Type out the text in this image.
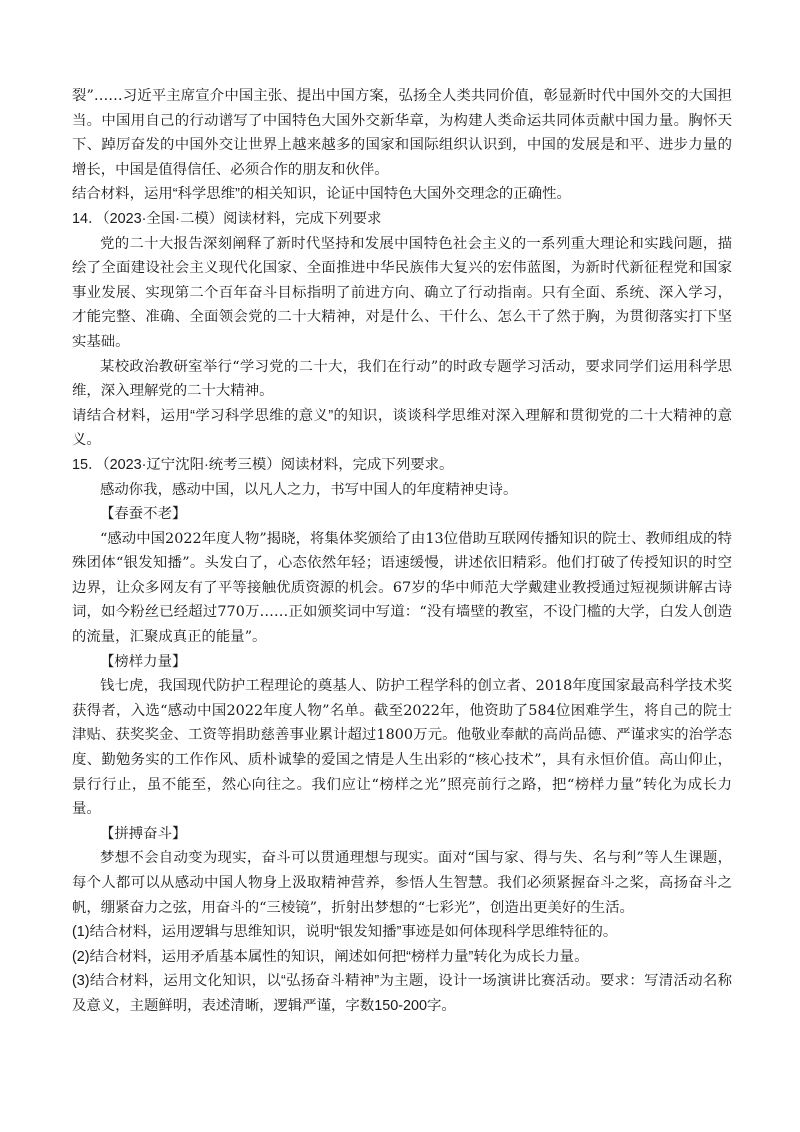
裂”……习近平主席宣介中国主张、提出中国方案，弘扬全人类共同价值，彰显新时代中国外交的大国担当。中国用自己的行动谱写了中国特色大国外交新华章，为构建人类命运共同体贡献中国力量。胸怀天下、踔厉奋发的中国外交让世界上越来越多的国家和国际组织认识到，中国的发展是和平、进步力量的增长，中国是值得信任、必须合作的朋友和伙伴。

结合材料，运用“科学思维”的相关知识，论证中国特色大国外交理念的正确性。

14．（2023·全国·二模）阅读材料，完成下列要求

党的二十大报告深刻阐释了新时代坚持和发展中国特色社会主义的一系列重大理论和实践问题，描绘了全面建设社会主义现代化国家、全面推进中华民族伟大复兴的宏伟蓝图，为新时代新征程党和国家事业发展、实现第二个百年奋斗目标指明了前进方向、确立了行动指南。只有全面、系统、深入学习，才能完整、准确、全面领会党的二十大精神，对是什么、干什么、怎么干了然于胸，为贯彻落实打下坚实基础。

某校政治教研室举行“学习党的二十大，我们在行动”的时政专题学习活动，要求同学们运用科学思维，深入理解党的二十大精神。

请结合材料，运用“学习科学思维的意义”的知识，谈谈科学思维对深入理解和贯彻党的二十大精神的意义。

15．（2023·辽宁沈阳·统考三模）阅读材料，完成下列要求。

感动你我，感动中国，以凡人之力，书写中国人的年度精神史诗。

【春蚕不老】

“感动中国2022年度人物”揭晓，将集体奖颁给了由13位借助互联网传播知识的院士、教师组成的特殊团体“银发知播”。头发白了，心态依然年轻；语速缓慢，讲述依旧精彩。他们打破了传授知识的时空边界，让众多网友有了平等接触优质资源的机会。67岁的华中师范大学戴建业教授通过短视频讲解古诗词，如今粉丝已经超过770万……正如颁奖词中写道：“没有墙壁的教室，不设门槛的大学，白发人创造的流量，汇聚成真正的能量”。

【榜样力量】

钱七虎，我国现代防护工程理论的奠基人、防护工程学科的创立者、2018年度国家最高科学技术奖获得者，入选“感动中国2022年度人物”名单。截至2022年，他资助了584位困难学生，将自己的院士津贴、获奖奖金、工资等捐助慈善事业累计超过1800万元。他敬业奉献的高尚品德、严谨求实的治学态度、勤勉务实的工作作风、质朴诚挚的爱国之情是人生出彩的“核心技术”，具有永恒价值。高山仰止，景行行止，虽不能至，然心向往之。我们应让“榜样之光”照亮前行之路，把“榜样力量”转化为成长力量。

【拼搏奋斗】

梦想不会自动变为现实，奋斗可以贯通理想与现实。面对“国与家、得与失、名与利”等人生课题，每个人都可以从感动中国人物身上汲取精神营养，参悟人生智慧。我们必须紧握奋斗之桨，高扬奋斗之帆，绷紧奋力之弦，用奋斗的“三棱镜”，折射出梦想的“七彩光”，创造出更美好的生活。

(1)结合材料，运用逻辑与思维知识，说明“银发知播”事迹是如何体现科学思维特征的。

(2)结合材料，运用矛盾基本属性的知识，阐述如何把“榜样力量”转化为成长力量。

(3)结合材料，运用文化知识，以“弘扬奋斗精神”为主题，设计一场演讲比赛活动。要求：写清活动名称及意义，主题鲜明，表述清晰，逻辑严谨，字数150-200字。
